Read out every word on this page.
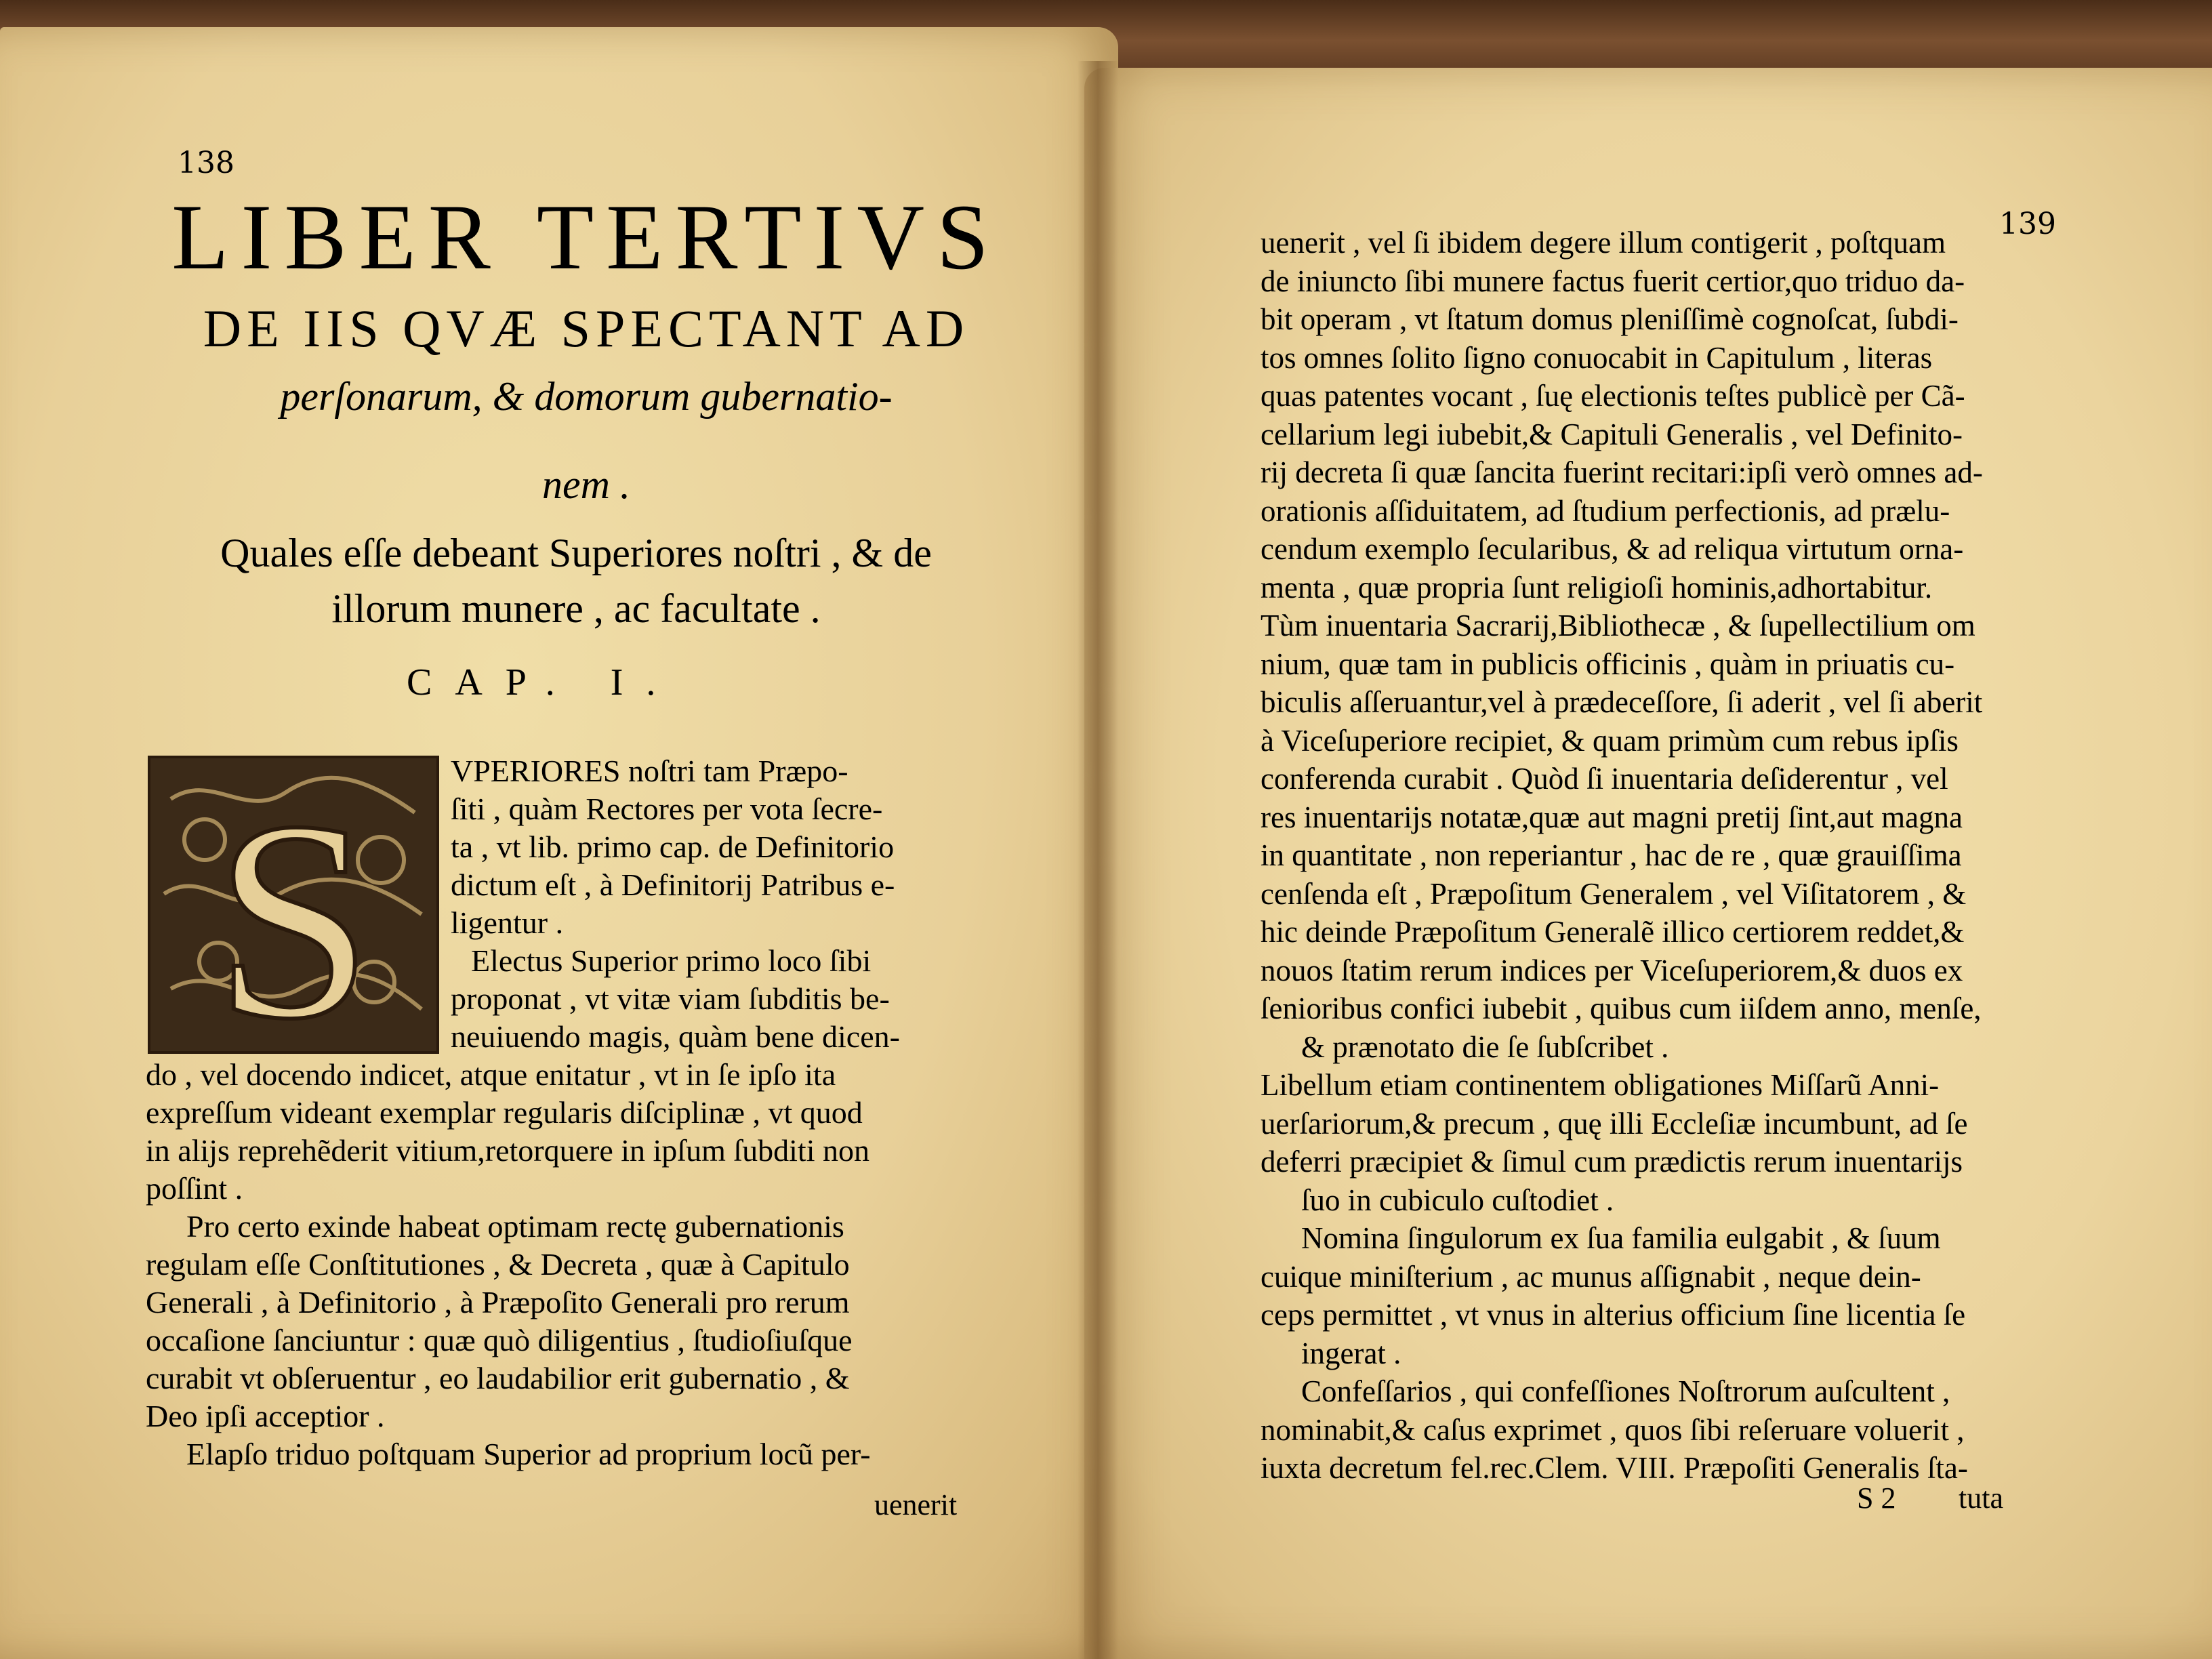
138
LIBER TERTIVS
DE IIS QVÆ SPECTANT AD
perſonarum, & domorum gubernatio-
nem .
Quales eſſe debeant Superiores noſtri , & de
illorum munere , ac facultate .
CAP. I.
S	VPERIORES noſtri tam Præpo-
ſiti , quàm Rectores per vota ſecre-
ta , vt lib. primo cap. de Definitorio
dictum eſt , à Definitorij Patribus e-
ligentur .
Electus Superior primo loco ſibi
proponat , vt vitæ viam ſubditis be-
neuiuendo magis, quàm bene dicen-
do , vel docendo indicet, atque enitatur , vt in ſe ipſo ita
expreſſum videant exemplar regularis diſciplinæ , vt quod
in alijs reprehẽderit vitium,retorquere in ipſum ſubditi non
poſſint .
Pro certo exinde habeat optimam rectę gubernationis
regulam eſſe Conſtitutiones , & Decreta , quæ à Capitulo
Generali , à Definitorio , à Præpoſito Generali pro rerum
occaſione ſanciuntur : quæ quò diligentius , ſtudioſiuſque
curabit vt obſeruentur , eo laudabilior erit gubernatio , &
Deo ipſi acceptior .
Elapſo triduo poſtquam Superior ad proprium locũ per-
uenerit
139
uenerit , vel ſi ibidem degere illum contigerit , poſtquam
de iniuncto ſibi munere factus fuerit certior,quo triduo da-
bit operam , vt ſtatum domus pleniſſimè cognoſcat, ſubdi-
tos omnes ſolito ſigno conuocabit in Capitulum , literas
quas patentes vocant , ſuę electionis teſtes publicè per Cã-
cellarium legi iubebit,& Capituli Generalis , vel Definito-
rij decreta ſi quæ ſancita fuerint recitari:ipſi verò omnes ad-
orationis aſſiduitatem, ad ſtudium perfectionis, ad prælu-
cendum exemplo ſecularibus, & ad reliqua virtutum orna-
menta , quæ propria ſunt religioſi hominis,adhortabitur.
Tùm inuentaria Sacrarij,Bibliothecæ , & ſupellectilium om
nium, quæ tam in publicis officinis , quàm in priuatis cu-
biculis aſſeruantur,vel à prædeceſſore, ſi aderit , vel ſi aberit
à Viceſuperiore recipiet, & quam primùm cum rebus ipſis
conferenda curabit . Quòd ſi inuentaria deſiderentur , vel
res inuentarijs notatæ,quæ aut magni pretij ſint,aut magna
in quantitate , non reperiantur , hac de re , quæ grauiſſima
cenſenda eſt , Præpoſitum Generalem , vel Viſitatorem , &
hic deinde Præpoſitum Generalẽ illico certiorem reddet,&
nouos ſtatim rerum indices per Viceſuperiorem,& duos ex
ſenioribus confici iubebit , quibus cum iiſdem anno, menſe,
& prænotato die ſe ſubſcribet .
Libellum etiam continentem obligationes Miſſarũ Anni-
uerſariorum,& precum , quę illi Eccleſiæ incumbunt, ad ſe
deferri præcipiet & ſimul cum prædictis rerum inuentarijs
ſuo in cubiculo cuſtodiet .
Nomina ſingulorum ex ſua familia eulgabit , & ſuum
cuique miniſterium , ac munus aſſignabit , neque dein-
ceps permittet , vt vnus in alterius officium ſine licentia ſe
ingerat .
Confeſſarios , qui confeſſiones Noſtrorum auſcultent ,
nominabit,& caſus exprimet , quos ſibi reſeruare voluerit ,
iuxta decretum fel.rec.Clem. VIII. Præpoſiti Generalis ſta-
S 2 tuta
